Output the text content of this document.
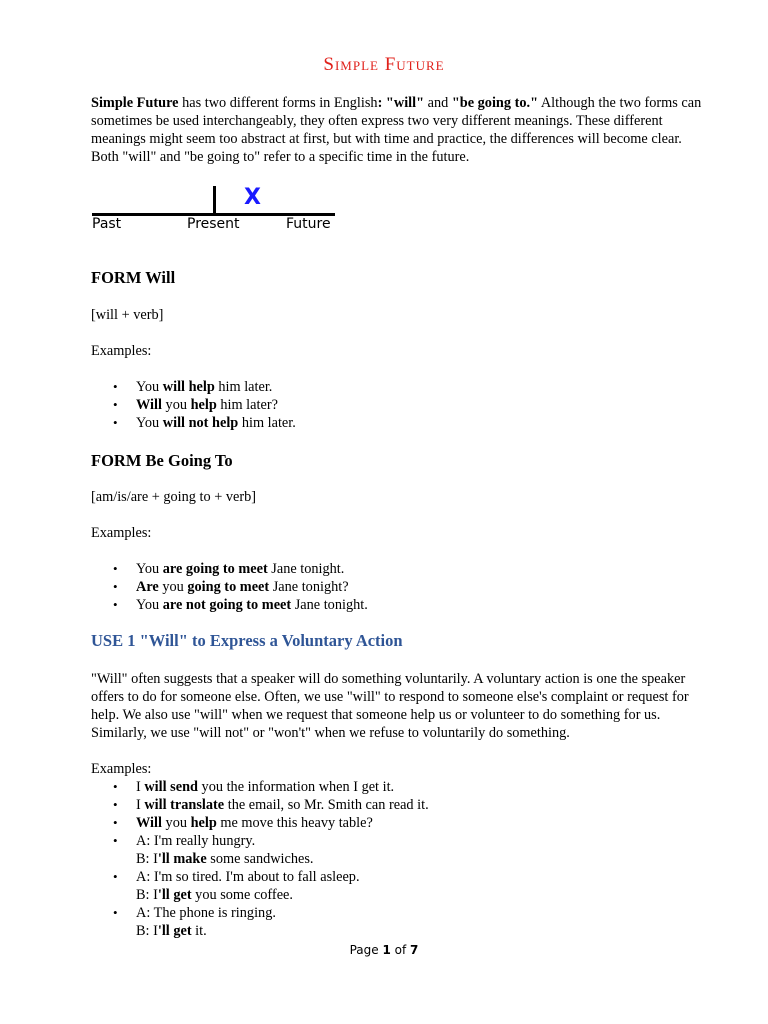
Simple Future
Simple Future has two different forms in English: "will" and "be going to." Although the two forms can sometimes be used interchangeably, they often express two very different meanings. These different meanings might seem too abstract at first, but with time and practice, the differences will become clear. Both "will" and "be going to" refer to a specific time in the future.
X
Past	Present	Future
FORM Will
[will + verb]
Examples:
• You will help him later.
• Will you help him later?
• You will not help him later.
FORM Be Going To
[am/is/are + going to + verb]
Examples:
• You are going to meet Jane tonight.
• Are you going to meet Jane tonight?
• You are not going to meet Jane tonight.
USE 1 "Will" to Express a Voluntary Action
"Will" often suggests that a speaker will do something voluntarily. A voluntary action is one the speaker offers to do for someone else. Often, we use "will" to respond to someone else's complaint or request for help. We also use "will" when we request that someone help us or volunteer to do something for us. Similarly, we use "will not" or "won't" when we refuse to voluntarily do something.
Examples:
• I will send you the information when I get it.
• I will translate the email, so Mr. Smith can read it.
• Will you help me move this heavy table?
• A: I'm really hungry.
B: I'll make some sandwiches.
• A: I'm so tired. I'm about to fall asleep.
B: I'll get you some coffee.
• A: The phone is ringing.
B: I'll get it.
Page 1 of 7
